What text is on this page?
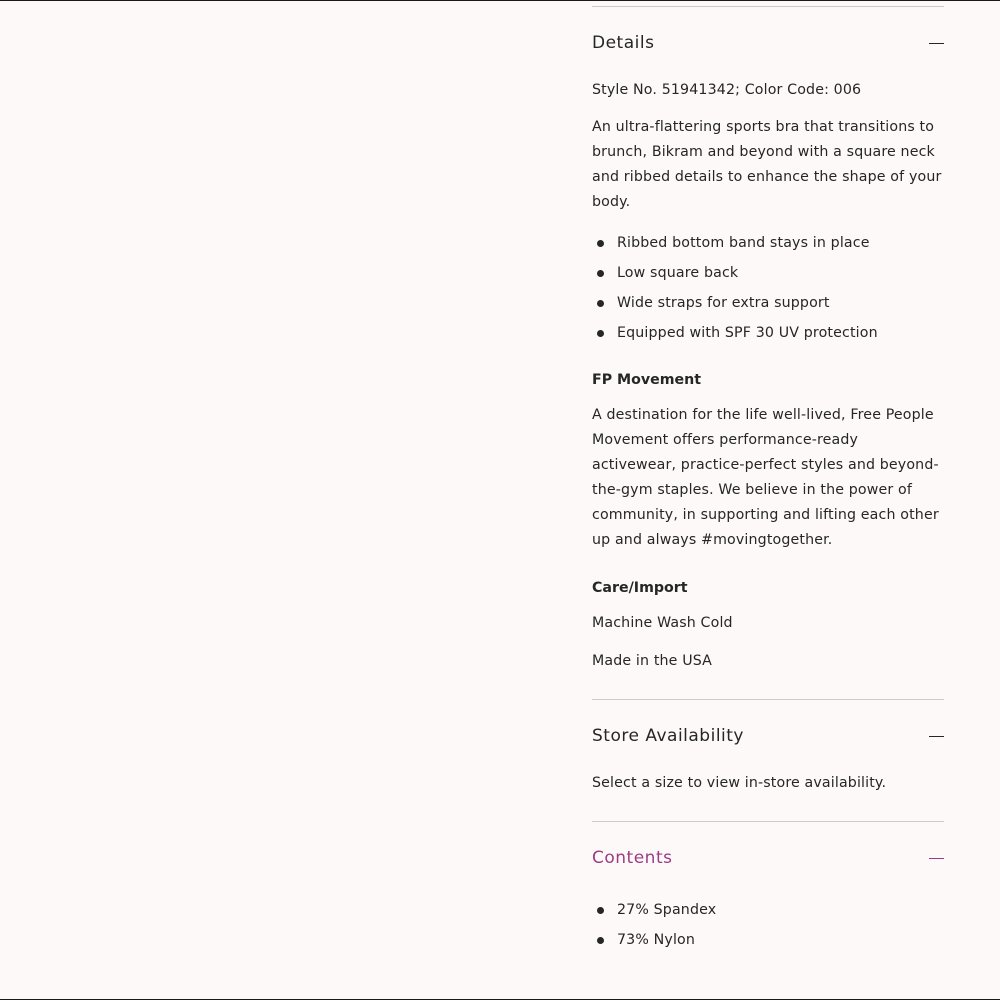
Details

Style No. 51941342; Color Code: 006

An ultra-flattering sports bra that transitions to brunch, Bikram and beyond with a square neck and ribbed details to enhance the shape of your body.

Ribbed bottom band stays in place
Low square back
Wide straps for extra support
Equipped with SPF 30 UV protection

FP Movement

A destination for the life well-lived, Free People Movement offers performance-ready activewear, practice-perfect styles and beyond-the-gym staples. We believe in the power of community, in supporting and lifting each other up and always #movingtogether.

Care/Import

Machine Wash Cold

Made in the USA

Store Availability

Select a size to view in-store availability.

Contents
27% Spandex
73% Nylon
